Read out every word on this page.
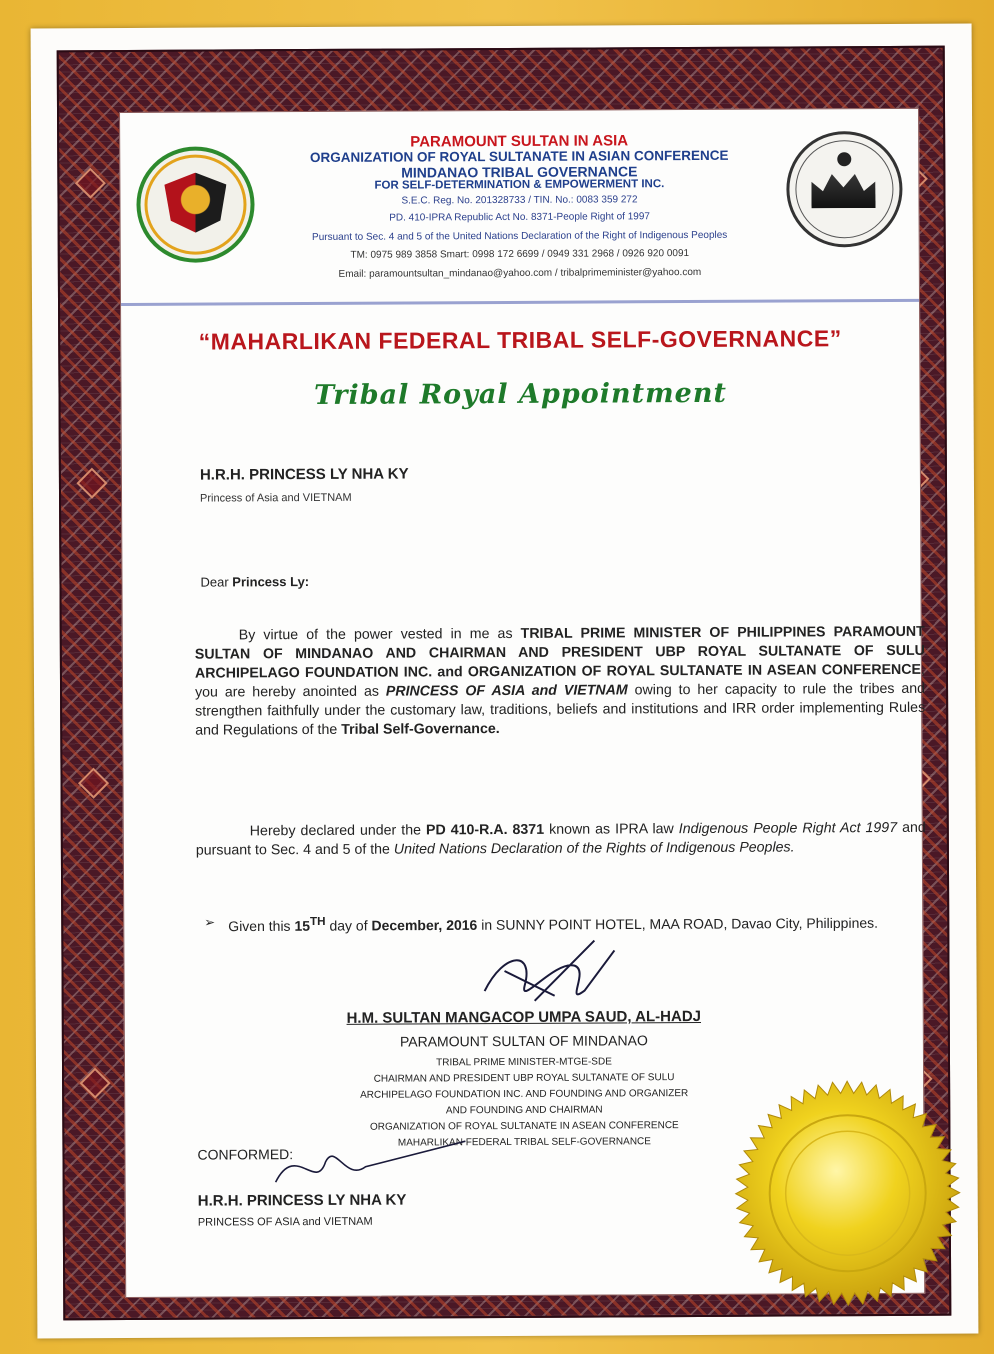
PARAMOUNT SULTAN IN ASIA
ORGANIZATION OF ROYAL SULTANATE IN ASIAN CONFERENCE
MINDANAO TRIBAL GOVERNANCE
FOR SELF-DETERMINATION & EMPOWERMENT INC.
S.E.C. Reg. No. 201328733 / TIN. No.: 0083 359 272
PD. 410-IPRA Republic Act No. 8371-People Right of 1997
Pursuant to Sec. 4 and 5 of the United Nations Declaration of the Right of Indigenous Peoples
TM: 0975 989 3858 Smart: 0998 172 6699 / 0949 331 2968 / 0926 920 0091
Email: paramountsultan_mindanao@yahoo.com / tribalprimeminister@yahoo.com
“MAHARLIKAN FEDERAL TRIBAL SELF-GOVERNANCE”
Tribal Royal Appointment
H.R.H. PRINCESS LY NHA KY
Princess of Asia and VIETNAM
Dear Princess Ly:
By virtue of the power vested in me as TRIBAL PRIME MINISTER OF PHILIPPINES PARAMOUNT SULTAN OF MINDANAO AND CHAIRMAN AND PRESIDENT UBP ROYAL SULTANATE OF SULU ARCHIPELAGO FOUNDATION INC. and ORGANIZATION OF ROYAL SULTANATE IN ASEAN CONFERENCE, you are hereby anointed as PRINCESS OF ASIA and VIETNAM owing to her capacity to rule the tribes and strengthen faithfully under the customary law, traditions, beliefs and institutions and IRR order implementing Rules and Regulations of the Tribal Self-Governance.
Hereby declared under the PD 410-R.A. 8371 known as IPRA law Indigenous People Right Act 1997 and pursuant to Sec. 4 and 5 of the United Nations Declaration of the Rights of Indigenous Peoples.
➢ Given this 15TH day of December, 2016 in SUNNY POINT HOTEL, MAA ROAD, Davao City, Philippines.
H.M. SULTAN MANGACOP UMPA SAUD, AL-HADJ
PARAMOUNT SULTAN OF MINDANAO
TRIBAL PRIME MINISTER-MTGE-SDE
CHAIRMAN AND PRESIDENT UBP ROYAL SULTANATE OF SULU
ARCHIPELAGO FOUNDATION INC. AND FOUNDING AND ORGANIZER
AND FOUNDING AND CHAIRMAN
ORGANIZATION OF ROYAL SULTANATE IN ASEAN CONFERENCE
MAHARLIKAN FEDERAL TRIBAL SELF-GOVERNANCE
CONFORMED:
H.R.H. PRINCESS LY NHA KY
PRINCESS OF ASIA and VIETNAM
